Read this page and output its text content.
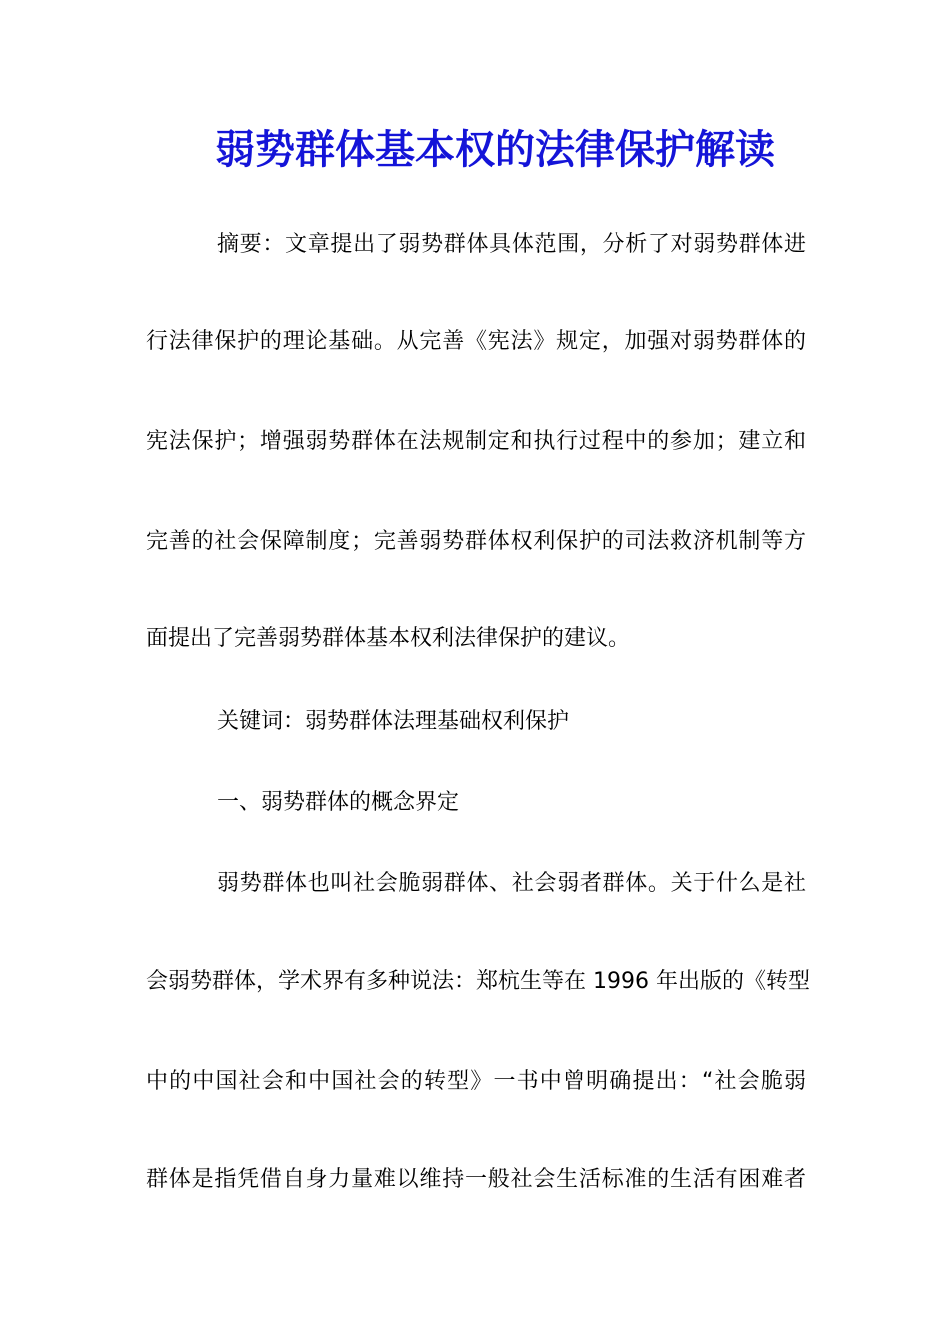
弱势群体基本权的法律保护解读
摘要：文章提出了弱势群体具体范围，分析了对弱势群体进
行法律保护的理论基础。从完善《宪法》规定，加强对弱势群体的
宪法保护；增强弱势群体在法规制定和执行过程中的参加；建立和
完善的社会保障制度；完善弱势群体权利保护的司法救济机制等方
面提出了完善弱势群体基本权利法律保护的建议。
关键词：弱势群体法理基础权利保护
一、弱势群体的概念界定
弱势群体也叫社会脆弱群体、社会弱者群体。关于什么是社
会弱势群体，学术界有多种说法：郑杭生等在 1996 年出版的《转型
中的中国社会和中国社会的转型》一书中曾明确提出：“社会脆弱
群体是指凭借自身力量难以维持一般社会生活标准的生活有困难者
